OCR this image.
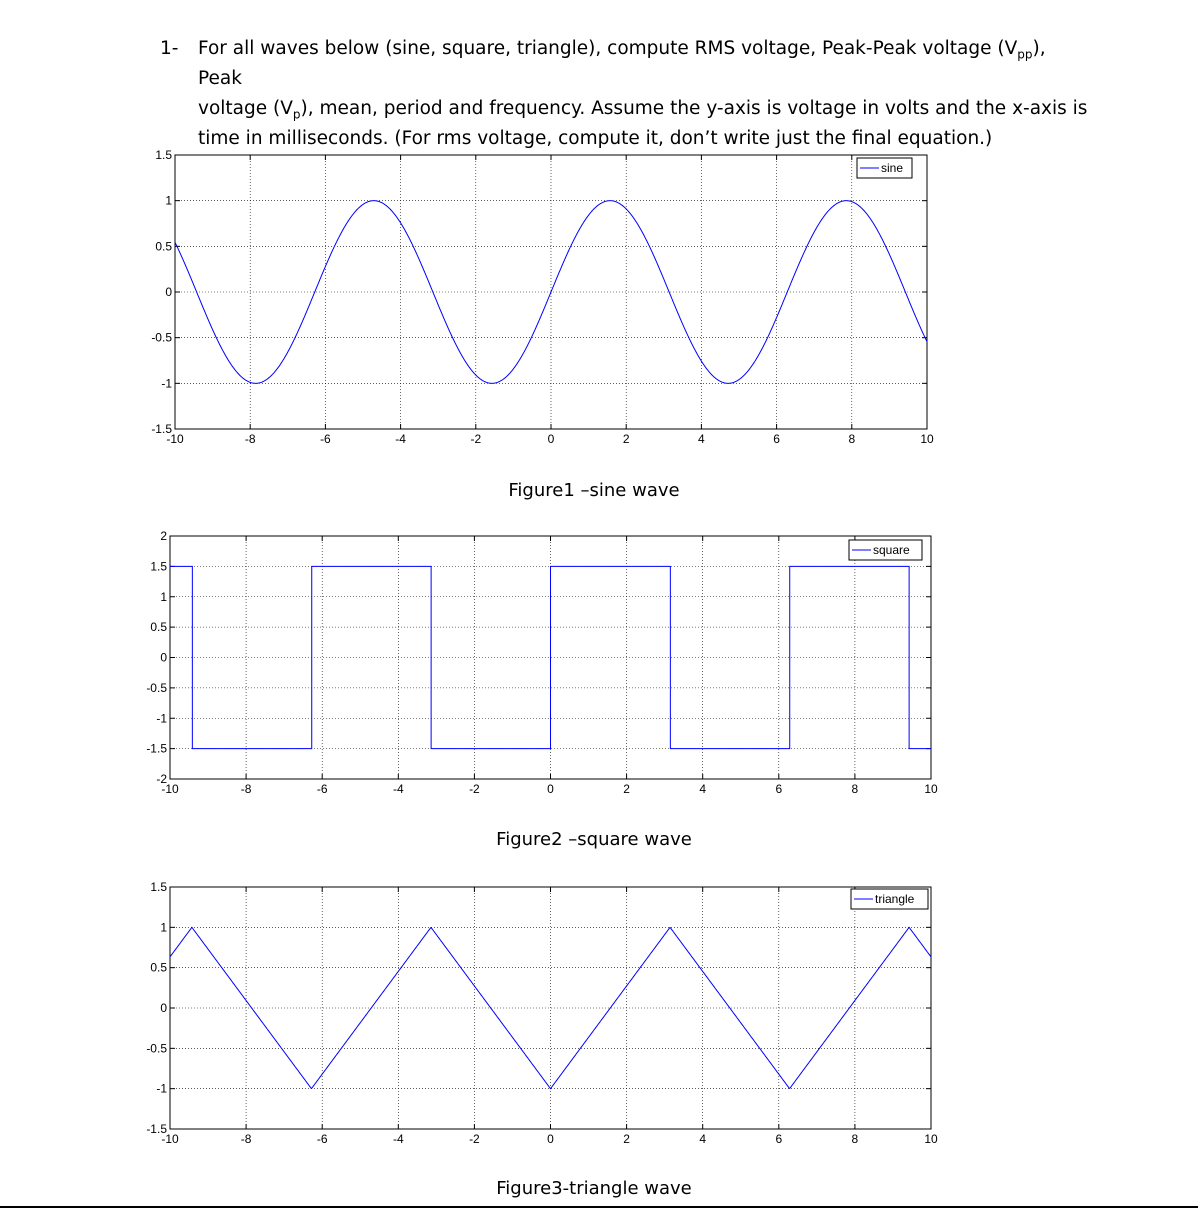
1- For all waves below (sine, square, triangle), compute RMS voltage, Peak-Peak voltage $(V_{pp})$, Peak
voltage $(V_p)$, mean, period and frequency. Assume the y-axis is voltage in volts and the x-axis is
time in milliseconds. (For rms voltage, compute it, don’t write just the final equation.)
-10	-8	-6	-4	-2	0	2	4	6	8	10
-1.5
-1
-0.5
0
0.5
1
1.5
sine
Figure1 –sine wave
-10	-8	-6	-4	-2	0	2	4	6	8	10
-2
-1.5
-1
-0.5
0
0.5
1
1.5
2
square
Figure2 –square wave
-10	-8	-6	-4	-2	0	2	4	6	8	10
-1.5
-1
-0.5
0
0.5
1
1.5
triangle
Figure3-triangle wave
